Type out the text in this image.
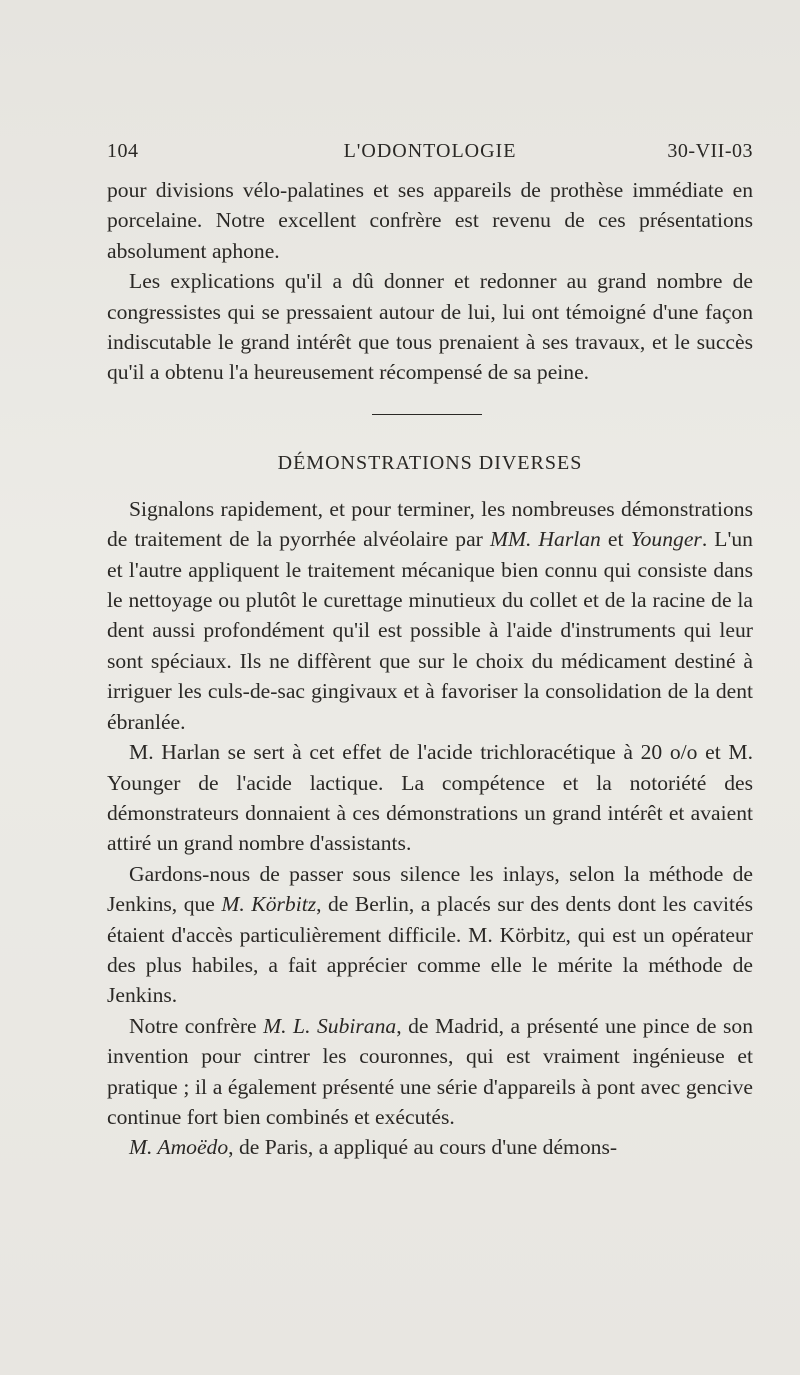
104	L'ODONTOLOGIE	30-VII-03

pour divisions vélo-palatines et ses appareils de prothèse immédiate en porcelaine. Notre excellent confrère est revenu de ces présentations absolument aphone.

Les explications qu'il a dû donner et redonner au grand nombre de congressistes qui se pressaient autour de lui, lui ont témoigné d'une façon indiscutable le grand intérêt que tous prenaient à ses travaux, et le succès qu'il a obtenu l'a heureusement récompensé de sa peine.

DÉMONSTRATIONS DIVERSES

Signalons rapidement, et pour terminer, les nombreuses démonstrations de traitement de la pyorrhée alvéolaire par MM. Harlan et Younger. L'un et l'autre appliquent le traitement mécanique bien connu qui consiste dans le nettoyage ou plutôt le curettage minutieux du collet et de la racine de la dent aussi profondément qu'il est possible à l'aide d'instruments qui leur sont spéciaux. Ils ne diffèrent que sur le choix du médicament destiné à irriguer les culs-de-sac gingivaux et à favoriser la consolidation de la dent ébranlée.

M. Harlan se sert à cet effet de l'acide trichloracétique à 20 o/o et M. Younger de l'acide lactique. La compétence et la notoriété des démonstrateurs donnaient à ces démonstrations un grand intérêt et avaient attiré un grand nombre d'assistants.

Gardons-nous de passer sous silence les inlays, selon la méthode de Jenkins, que M. Körbitz, de Berlin, a placés sur des dents dont les cavités étaient d'accès particulièrement difficile. M. Körbitz, qui est un opérateur des plus habiles, a fait apprécier comme elle le mérite la méthode de Jenkins.

Notre confrère M. L. Subirana, de Madrid, a présenté une pince de son invention pour cintrer les couronnes, qui est vraiment ingénieuse et pratique ; il a également présenté une série d'appareils à pont avec gencive continue fort bien combinés et exécutés.

M. Amoëdo, de Paris, a appliqué au cours d'une démons-
